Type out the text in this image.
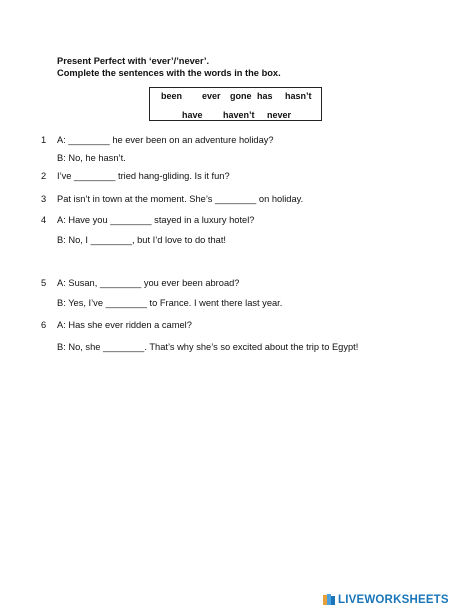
Present Perfect with ‘ever’/’never’.
Complete the sentences with the words in the box.
been ever gone has hasn’t
have haven’t never
1 A: ________ he ever been on an adventure holiday?
B: No, he hasn’t.
2 I’ve ________ tried hang-gliding. Is it fun?
3 Pat isn’t in town at the moment. She’s ________ on holiday.
4 A: Have you ________ stayed in a luxury hotel?
B: No, I ________, but I’d love to do that!
5 A: Susan, ________ you ever been abroad?
B: Yes, I’ve ________ to France. I went there last year.
6 A: Has she ever ridden a camel?
B: No, she ________. That’s why she’s so excited about the trip to Egypt!
LIVEWORKSHEETS
